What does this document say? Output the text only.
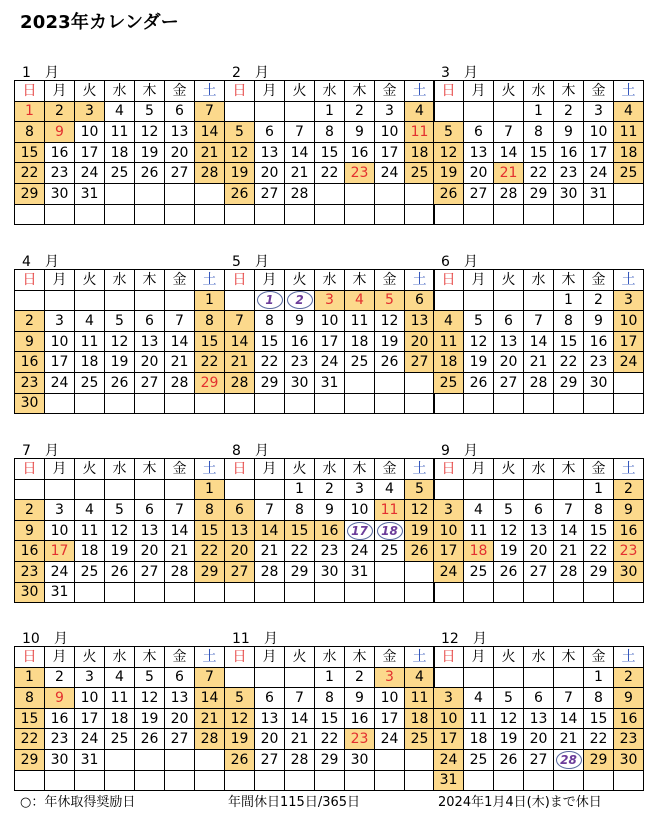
2023年カレンダー
1　月
日	月	火	水	木	金	土
1	2	3	4	5	6	7
8	9	10	11	12	13	14
15	16	17	18	19	20	21
22	23	24	25	26	27	28
29	30	31				

2　月
日	月	火	水	木	金	土
			1	2	3	4
5	6	7	8	9	10	11
12	13	14	15	16	17	18
19	20	21	22	23	24	25
26	27	28				

3　月
日	月	火	水	木	金	土
			1	2	3	4
5	6	7	8	9	10	11
12	13	14	15	16	17	18
19	20	21	22	23	24	25
26	27	28	29	30	31	

4　月
日	月	火	水	木	金	土
						1
2	3	4	5	6	7	8
9	10	11	12	13	14	15
16	17	18	19	20	21	22
23	24	25	26	27	28	29
30						
5　月
日	月	火	水	木	金	土
	1	2	3	4	5	6
7	8	9	10	11	12	13
14	15	16	17	18	19	20
21	22	23	24	25	26	27
28	29	30	31			

6　月
日	月	火	水	木	金	土
				1	2	3
4	5	6	7	8	9	10
11	12	13	14	15	16	17
18	19	20	21	22	23	24
25	26	27	28	29	30	

7　月
日	月	火	水	木	金	土
						1
2	3	4	5	6	7	8
9	10	11	12	13	14	15
16	17	18	19	20	21	22
23	24	25	26	27	28	29
30	31					
8　月
日	月	火	水	木	金	土
		1	2	3	4	5
6	7	8	9	10	11	12
13	14	15	16	17	18	19
20	21	22	23	24	25	26
27	28	29	30	31		

9　月
日	月	火	水	木	金	土
					1	2
3	4	5	6	7	8	9
10	11	12	13	14	15	16
17	18	19	20	21	22	23
24	25	26	27	28	29	30

10　月
日	月	火	水	木	金	土
1	2	3	4	5	6	7
8	9	10	11	12	13	14
15	16	17	18	19	20	21
22	23	24	25	26	27	28
29	30	31				

11　月
日	月	火	水	木	金	土
			1	2	3	4
5	6	7	8	9	10	11
12	13	14	15	16	17	18
19	20	21	22	23	24	25
26	27	28	29	30		

12　月
日	月	火	水	木	金	土
					1	2
3	4	5	6	7	8	9
10	11	12	13	14	15	16
17	18	19	20	21	22	23
24	25	26	27	28	29	30
31						
○：年休取得奨励日	年間休日115日/365日	2024年1月4日(木)まで休日
